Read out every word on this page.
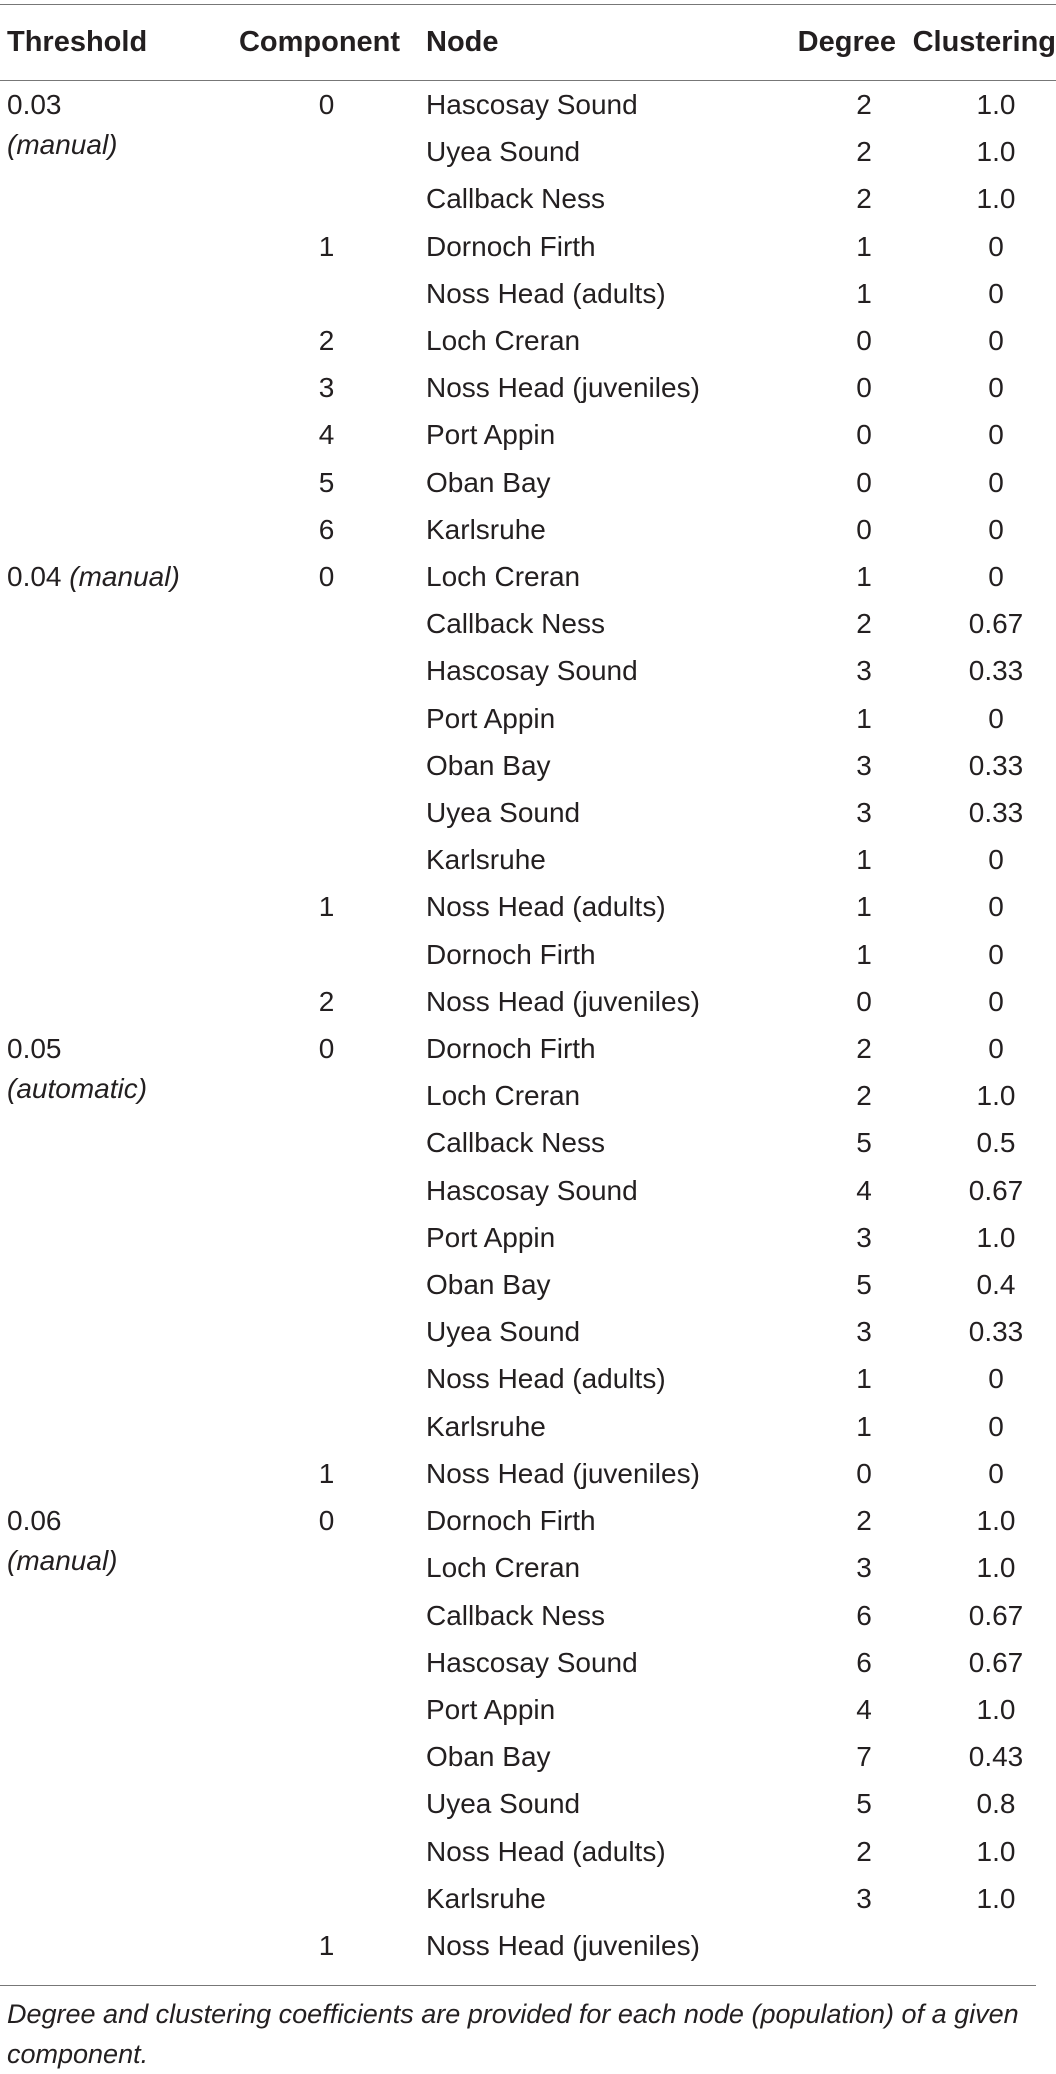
Threshold	Component	Node	Degree	Clustering
0.03
(manual)	0	Hascosay Sound	2	1.0
		Uyea Sound	2	1.0
		Callback Ness	2	1.0
	1	Dornoch Firth	1	0
		Noss Head (adults)	1	0
	2	Loch Creran	0	0
	3	Noss Head (juveniles)	0	0
	4	Port Appin	0	0
	5	Oban Bay	0	0
	6	Karlsruhe	0	0
0.04 (manual)	0	Loch Creran	1	0
		Callback Ness	2	0.67
		Hascosay Sound	3	0.33
		Port Appin	1	0
		Oban Bay	3	0.33
		Uyea Sound	3	0.33
		Karlsruhe	1	0
	1	Noss Head (adults)	1	0
		Dornoch Firth	1	0
	2	Noss Head (juveniles)	0	0
0.05
(automatic)	0	Dornoch Firth	2	0
		Loch Creran	2	1.0
		Callback Ness	5	0.5
		Hascosay Sound	4	0.67
		Port Appin	3	1.0
		Oban Bay	5	0.4
		Uyea Sound	3	0.33
		Noss Head (adults)	1	0
		Karlsruhe	1	0
	1	Noss Head (juveniles)	0	0
0.06
(manual)	0	Dornoch Firth	2	1.0
		Loch Creran	3	1.0
		Callback Ness	6	0.67
		Hascosay Sound	6	0.67
		Port Appin	4	1.0
		Oban Bay	7	0.43
		Uyea Sound	5	0.8
		Noss Head (adults)	2	1.0
		Karlsruhe	3	1.0
	1	Noss Head (juveniles)		
Degree and clustering coefficients are provided for each node (population) of a given component.
